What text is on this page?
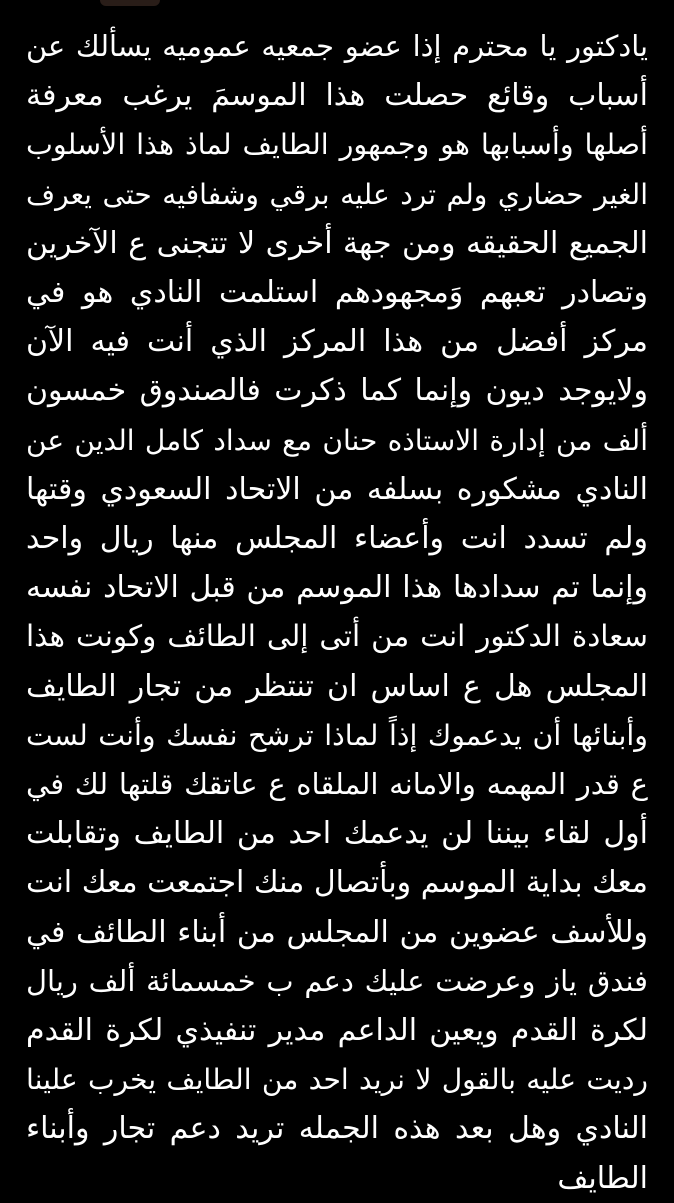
يادكتور يا محترم إذا عضو جمعيه عموميه يسألك عن
أسباب وقائع حصلت هذا الموسمَ يرغب معرفة
أصلها وأسبابها هو وجمهور الطايف لماذ هذا الأسلوب
الغير حضاري ولم ترد عليه برقي وشفافيه حتى يعرف
الجميع الحقيقه ومن جهة أخرى لا تتجنى ع الآخرين
وتصادر تعبهم وَمجهودهم استلمت النادي هو في
مركز أفضل من هذا المركز الذي أنت فيه الآن
ولايوجد ديون وإنما كما ذكرت فالصندوق خمسون
ألف من إدارة الاستاذه حنان مع سداد كامل الدين عن
النادي مشكوره بسلفه من الاتحاد السعودي وقتها
ولم تسدد انت وأعضاء المجلس منها ريال واحد
وإنما تم سدادها هذا الموسم من قبل الاتحاد نفسه
سعادة الدكتور انت من أتى إلى الطائف وكونت هذا
المجلس هل ع اساس ان تنتظر من تجار الطايف
وأبنائها أن يدعموك إذاً لماذا ترشح نفسك وأنت لست
ع قدر المهمه والامانه الملقاه ع عاتقك قلتها لك في
أول لقاء بيننا لن يدعمك احد من الطايف وتقابلت
معك بداية الموسم وبأتصال منك اجتمعت معك انت
وللأسف عضوين من المجلس من أبناء الطائف في
فندق ياز وعرضت عليك دعم ب خمسمائة ألف ريال
لكرة القدم ويعين الداعم مدير تنفيذي لكرة القدم
رديت عليه بالقول لا نريد احد من الطايف يخرب علينا
النادي وهل بعد هذه الجمله تريد دعم تجار وأبناء
الطايف
